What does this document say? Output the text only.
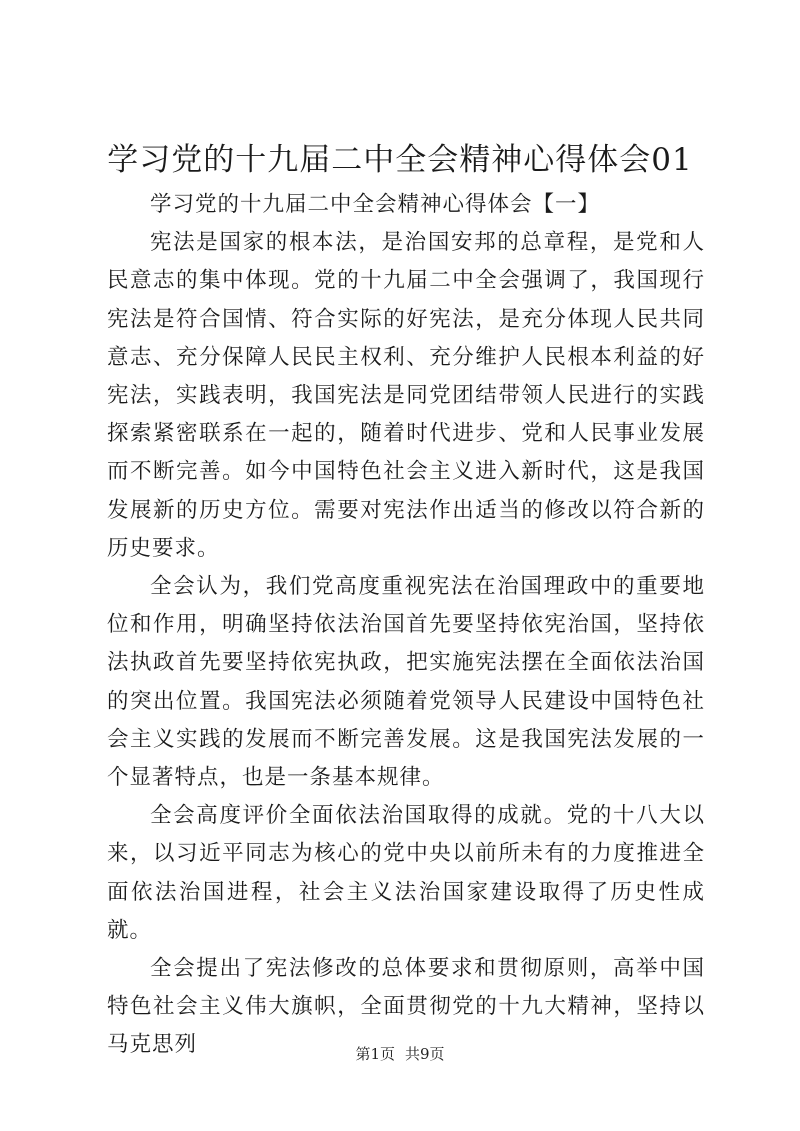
学习党的十九届二中全会精神心得体会01

学习党的十九届二中全会精神心得体会【一】

宪法是国家的根本法，是治国安邦的总章程，是党和人民意志的集中体现。党的十九届二中全会强调了，我国现行宪法是符合国情、符合实际的好宪法，是充分体现人民共同意志、充分保障人民民主权利、充分维护人民根本利益的好宪法，实践表明，我国宪法是同党团结带领人民进行的实践探索紧密联系在一起的，随着时代进步、党和人民事业发展而不断完善。如今中国特色社会主义进入新时代，这是我国发展新的历史方位。需要对宪法作出适当的修改以符合新的历史要求。

全会认为，我们党高度重视宪法在治国理政中的重要地位和作用，明确坚持依法治国首先要坚持依宪治国，坚持依法执政首先要坚持依宪执政，把实施宪法摆在全面依法治国的突出位置。我国宪法必须随着党领导人民建设中国特色社会主义实践的发展而不断完善发展。这是我国宪法发展的一个显著特点，也是一条基本规律。

全会高度评价全面依法治国取得的成就。党的十八大以来，以习近平同志为核心的党中央以前所未有的力度推进全面依法治国进程，社会主义法治国家建设取得了历史性成就。

全会提出了宪法修改的总体要求和贯彻原则，高举中国特色社会主义伟大旗帜，全面贯彻党的十九大精神，坚持以马克思列	第1页 共9页
